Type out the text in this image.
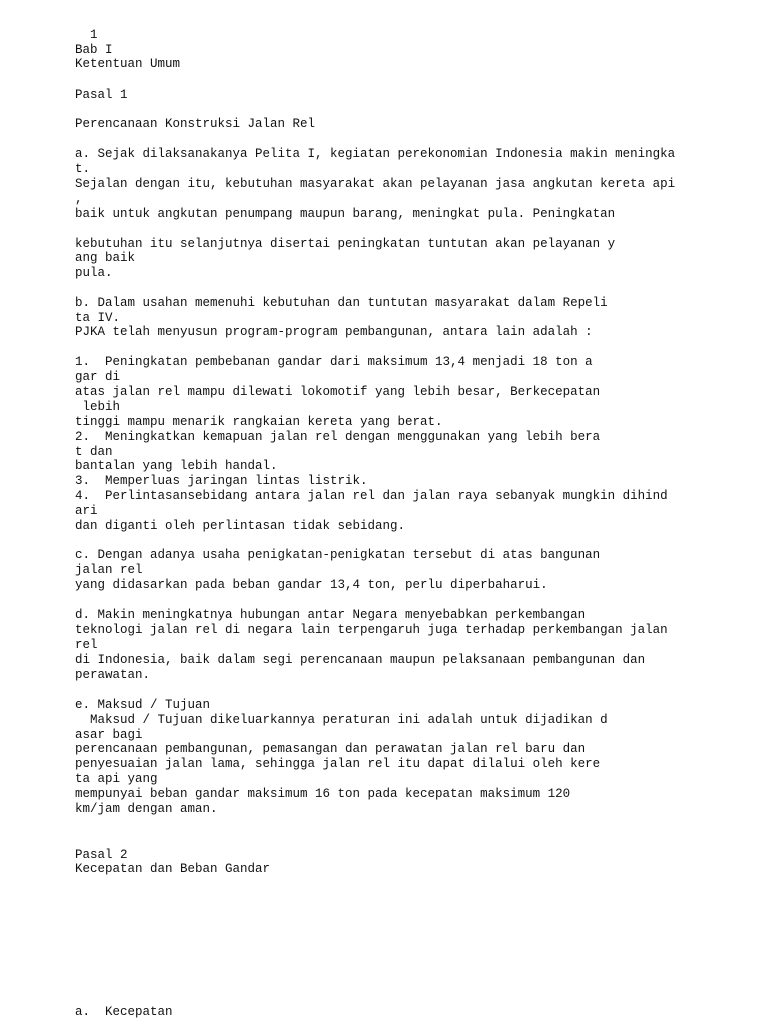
1
Bab I
Ketentuan Umum
Pasal 1
Perencanaan Konstruksi Jalan Rel
a. Sejak dilaksanakanya Pelita I, kegiatan perekonomian Indonesia makin meningka
t.
Sejalan dengan itu, kebutuhan masyarakat akan pelayanan jasa angkutan kereta api
,
baik untuk angkutan penumpang maupun barang, meningkat pula. Peningkatan
kebutuhan itu selanjutnya disertai peningkatan tuntutan akan pelayanan y
ang baik
pula.
b. Dalam usahan memenuhi kebutuhan dan tuntutan masyarakat dalam Repeli
ta IV.
PJKA telah menyusun program-program pembangunan, antara lain adalah :
1.  Peningkatan pembebanan gandar dari maksimum 13,4 menjadi 18 ton a
gar di
atas jalan rel mampu dilewati lokomotif yang lebih besar, Berkecepatan
lebih
tinggi mampu menarik rangkaian kereta yang berat.
2.  Meningkatkan kemapuan jalan rel dengan menggunakan yang lebih bera
t dan
bantalan yang lebih handal.
3.  Memperluas jaringan lintas listrik.
4.  Perlintasansebidang antara jalan rel dan jalan raya sebanyak mungkin dihind
ari
dan diganti oleh perlintasan tidak sebidang.
c. Dengan adanya usaha penigkatan-penigkatan tersebut di atas bangunan
jalan rel
yang didasarkan pada beban gandar 13,4 ton, perlu diperbaharui.
d. Makin meningkatnya hubungan antar Negara menyebabkan perkembangan
teknologi jalan rel di negara lain terpengaruh juga terhadap perkembangan jalan
rel
di Indonesia, baik dalam segi perencanaan maupun pelaksanaan pembangunan dan
perawatan.
e. Maksud / Tujuan
Maksud / Tujuan dikeluarkannya peraturan ini adalah untuk dijadikan d
asar bagi
perencanaan pembangunan, pemasangan dan perawatan jalan rel baru dan
penyesuaian jalan lama, sehingga jalan rel itu dapat dilalui oleh kere
ta api yang
mempunyai beban gandar maksimum 16 ton pada kecepatan maksimum 120
km/jam dengan aman.
Pasal 2
Kecepatan dan Beban Gandar
a.  Kecepatan
